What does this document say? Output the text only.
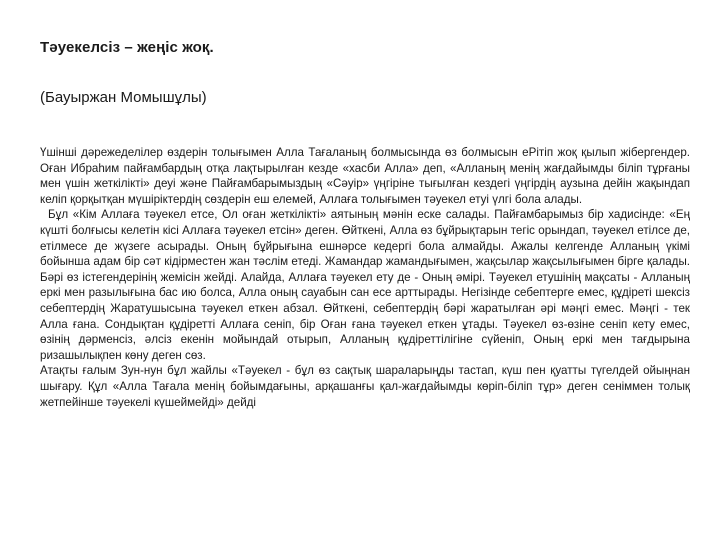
Тәуекелсіз – жеңіс жоқ.
(Бауыржан Момышұлы)

Үшінші дәрежеделілер өздерін толығымен Алла Тағаланың болмысында өз болмысын еРітіп жоқ қылып жібергендер. Оған Ибраһим пайғамбардың отқа лақтырылған кезде «хасби Алла» деп, «Алланың менің жағдайымды біліп тұрғаны мен үшін жеткілікті» деуі және Пайғамбарымыздың «Сәуір» үңгіріне тығылған кездегі үңгірдің аузына дейін жақындап келіп қорқытқан мүшіріктердің сөздерін еш елемей, Аллаға толығымен тәуекел етуі үлгі бола алады.

Бұл «Кім Аллаға тәуекел етсе, Ол оған жеткілікті» аятының мәнін еске салады. Пайғамбарымыз бір хадисінде: «Ең күшті болғысы келетін кісі Аллаға тәуекел етсін» деген. Өйткені, Алла өз бұйрықтарын тегіс орындап, тәуекел етілсе де, етілмесе де жүзеге асырады. Оның бұйрығына ешнәрсе кедергі бола алмайды. Ажалы келгенде Алланың үкімі бойынша адам бір сәт кідірместен жан тәслім етеді. Жамандар жамандығымен, жақсылар жақсылығымен бірге қалады. Бәрі өз істегендерінің жемісін жейді. Алайда, Аллаға тәуекел ету де - Оның әмірі. Тәуекел етушінің мақсаты - Алланың еркі мен разылығына бас ию болса, Алла оның сауабын сан есе арттырады. Негізінде себептерге емес, құдіреті шексіз себептердің Жаратушысына тәуекел еткен абзал. Өйткені, себептердің бәрі жаратылған әрі мәңгі емес. Мәңгі - тек Алла ғана. Сондықтан құдіретті Аллаға сеніп, бір Оған ғана тәуекел еткен ұтады. Тәуекел өз-өзіне сеніп кету емес, өзінің дәрменсіз, әлсіз екенін мойындай отырып, Алланың құдіреттілігіне сүйеніп, Оның еркі мен тағдырына ризашылықпен көну деген сөз.

Атақты ғалым Зун-нун бұл жайлы «Тәуекел - бұл өз сақтық шараларыңды тастап, күш пен қуатты түгелдей ойыңнан шығару. Құл «Алла Тағала менің бойымдағыны, арқашанғы қал-жағдайымды көріп-біліп тұр» деген сеніммен толық жетпейінше тәуекелі күшеймейді» дейді
